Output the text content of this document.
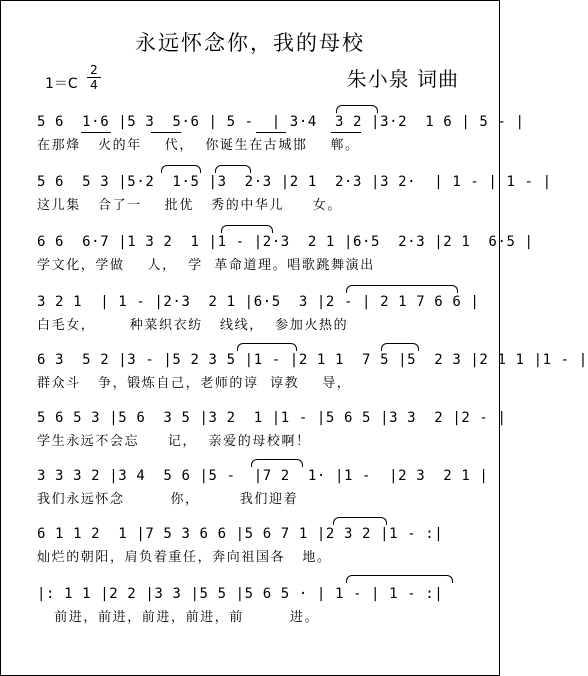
永远怀念你，我的母校
1＝C
2
4	朱小泉 词曲
5 6  1·6 |5 3  5·6 | 5 -  | 3·4  3 2 |3·2  1 6 | 5 - |
在那烽   火的年    代，  你诞生在古城邯    郸。
5 6  5 3 |5·2  1·5 |3  2·3 |2 1  2·3 |3 2·  | 1 - | 1 - |
这儿集   合了一    批优   秀的中华儿     女。
6 6  6·7 |1 3 2  1 |1 - |2·3  2 1 |6·5  2·3 |2 1  6·5 |
学文化，学做    人，  学  革命道理。唱歌跳舞演出
3 2 1  | 1 - |2·3  2 1 |6·5  3 |2 - | 2 1 7 6 6 |
白毛女，      种菜织衣纺   线线，  参加火热的
6 3  5 2 |3 - |5 2 3 5 |1 - |2 1 1  7 5 |5  2 3 |2 1 1 |1 - |
群众斗   争，锻炼自己，老师的谆  谆教    导，
5 6 5 3 |5 6  3 5 |3 2  1 |1 - |5 6 5 |3 3  2 |2 - |
学生永远不会忘     记，  亲爱的母校啊！
3 3 3 2 |3 4  5 6 |5 -  |7 2  1· |1 -  |2 3  2 1 |
我们永远怀念        你，       我们迎着
6 1 1 2  1 |7 5 3 6 6 |5 6 7 1 |2 3 2 |1 - :|
灿烂的朝阳，肩负着重任，奔向祖国各   地。
|: 1 1 |2 2 |3 3 |5 5 |5 6 5 · | 1 - | 1 - :|
前进，前进，前进，前进，前        进。
